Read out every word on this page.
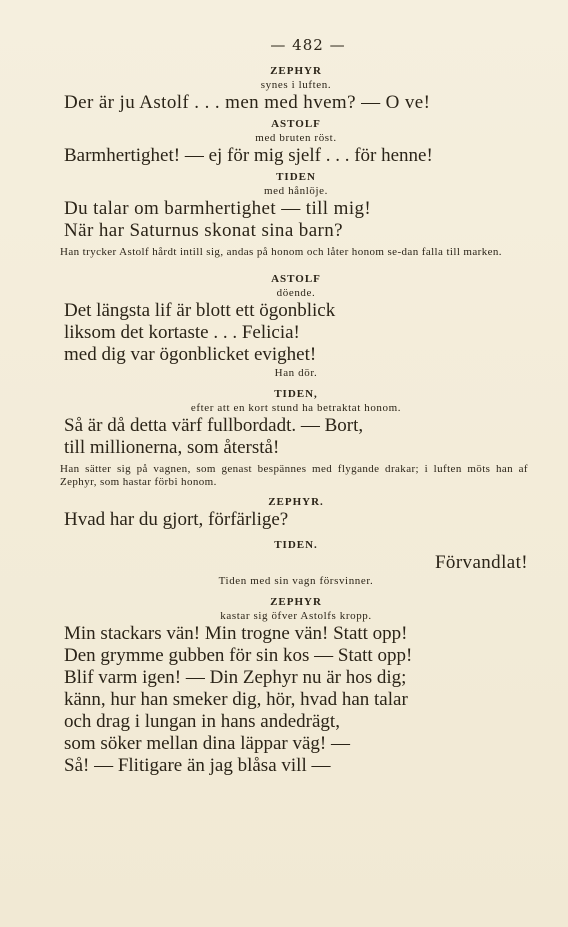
— 482 —
ZEPHYR
synes i luften.
Der är ju Astolf . . . men med hvem? — O ve!
ASTOLF
med bruten röst.
Barmhertighet! — ej för mig sjelf . . . för henne!
TIDEN
med hånlöje.
Du talar om barmhertighet — till mig!
När har Saturnus skonat sina barn?
Han trycker Astolf hårdt intill sig, andas på honom och låter honom se-dan falla till marken.
ASTOLF
döende.
Det längsta lif är blott ett ögonblick
liksom det kortaste . . . Felicia!
med dig var ögonblicket evighet!
Han dör.
TIDEN,
efter att en kort stund ha betraktat honom.
Så är då detta värf fullbordadt. — Bort,
till millionerna, som återstå!
Han sätter sig på vagnen, som genast bespännes med flygande drakar; i luften möts han af Zephyr, som hastar förbi honom.
ZEPHYR.
Hvad har du gjort, förfärlige?
TIDEN.
Förvandlat!
Tiden med sin vagn försvinner.
ZEPHYR
kastar sig öfver Astolfs kropp.
Min stackars vän! Min trogne vän! Statt opp!
Den grymme gubben för sin kos — Statt opp!
Blif varm igen! — Din Zephyr nu är hos dig;
känn, hur han smeker dig, hör, hvad han talar
och drag i lungan in hans andedrägt,
som söker mellan dina läppar väg! —
Så! — Flitigare än jag blåsa vill —
